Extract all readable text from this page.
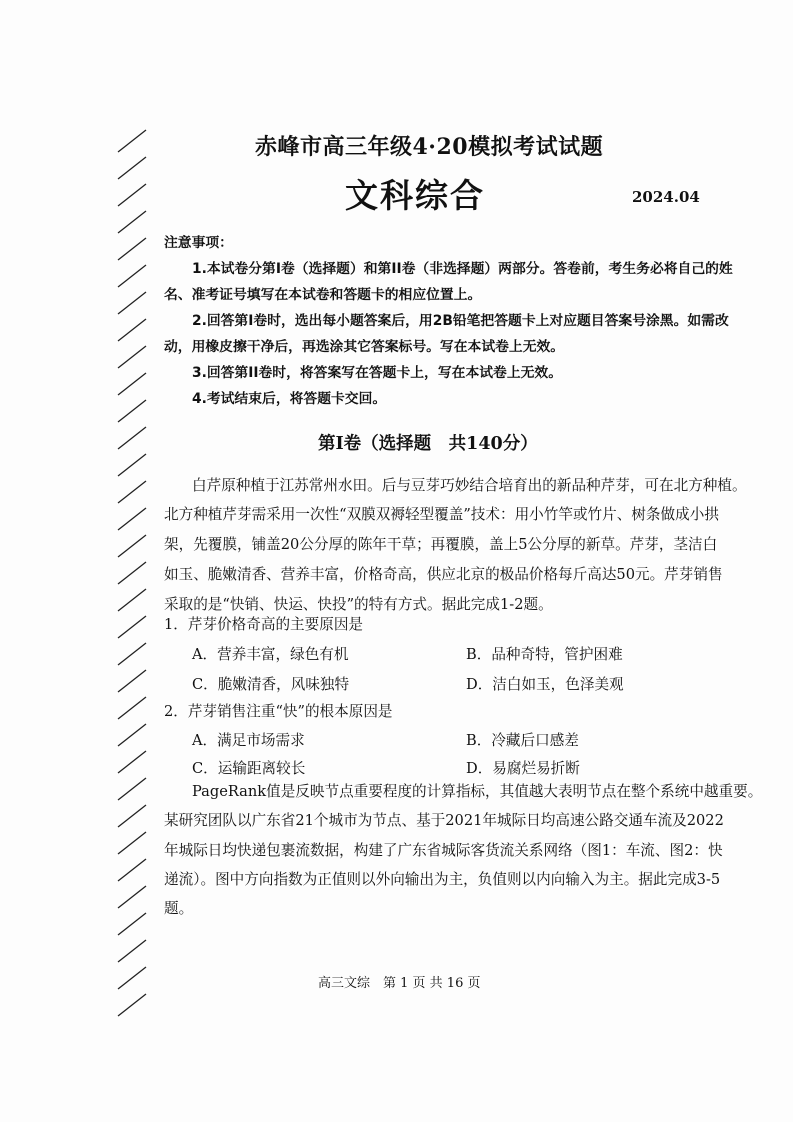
赤峰市高三年级4·20模拟考试试题
文科综合	2024.04
注意事项：
1.本试卷分第I卷（选择题）和第II卷（非选择题）两部分。答卷前，考生务必将自己的姓
名、准考证号填写在本试卷和答题卡的相应位置上。
2.回答第I卷时，选出每小题答案后，用2B铅笔把答题卡上对应题目答案号涂黑。如需改
动，用橡皮擦干净后，再选涂其它答案标号。写在本试卷上无效。
3.回答第II卷时，将答案写在答题卡上，写在本试卷上无效。
4.考试结束后，将答题卡交回。
第I卷（选择题　共140分）
白芹原种植于江苏常州水田。后与豆芽巧妙结合培育出的新品种芹芽，可在北方种植。
北方种植芹芽需采用一次性“双膜双褥轻型覆盖”技术：用小竹竿或竹片、树条做成小拱
架，先覆膜，铺盖20公分厚的陈年干草；再覆膜，盖上5公分厚的新草。芹芽，茎洁白
如玉、脆嫩清香、营养丰富，价格奇高，供应北京的极品价格每斤高达50元。芹芽销售
采取的是“快销、快运、快投”的特有方式。据此完成1-2题。
1．芹芽价格奇高的主要原因是
A．营养丰富，绿色有机	B．品种奇特，管护困难
C．脆嫩清香，风味独特	D．洁白如玉，色泽美观
2．芹芽销售注重“快”的根本原因是
A．满足市场需求	B．冷藏后口感差
C．运输距离较长	D．易腐烂易折断
PageRank值是反映节点重要程度的计算指标，其值越大表明节点在整个系统中越重要。
某研究团队以广东省21个城市为节点、基于2021年城际日均高速公路交通车流及2022
年城际日均快递包裹流数据，构建了广东省城际客货流关系网络（图1：车流、图2：快
递流）。图中方向指数为正值则以外向输出为主，负值则以内向输入为主。据此完成3-5
题。
高三文综　第 1 页 共 16 页
